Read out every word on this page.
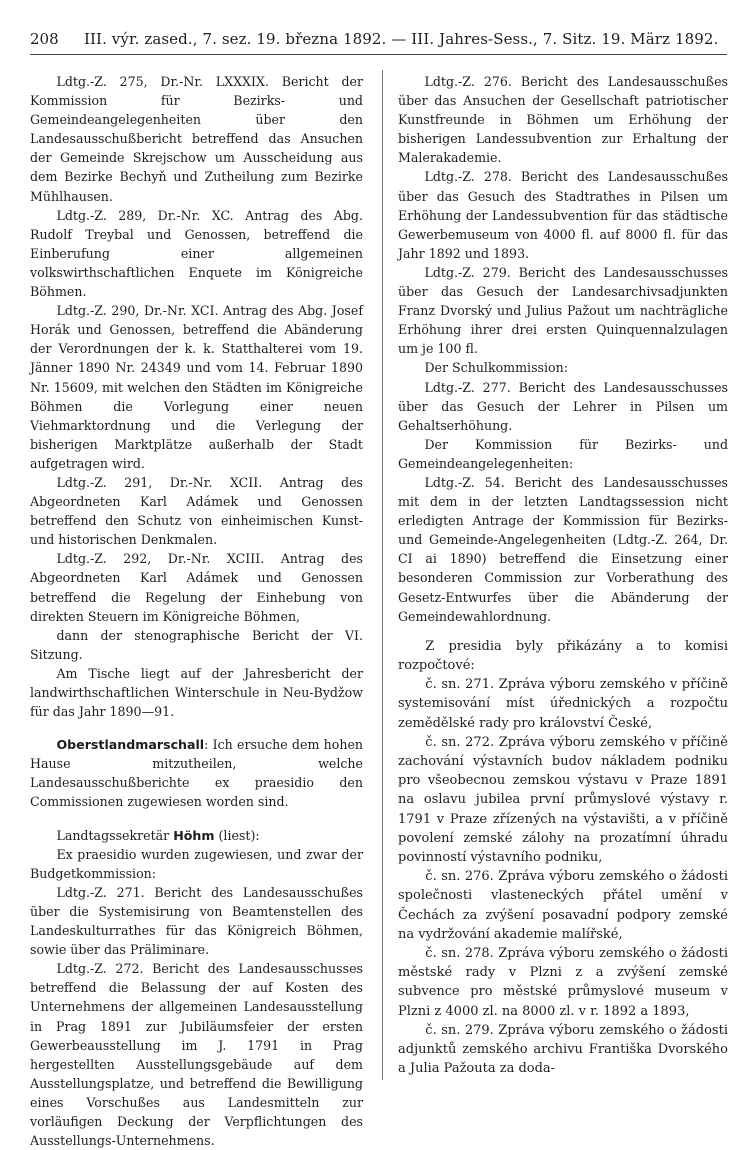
208 III. výr. zased., 7. sez. 19. března 1892. — III. Jahres-Sess., 7. Sitz. 19. März 1892.

Ldtg.-Z. 275, Dr.-Nr. LXXXIX. Bericht der Kommission für Bezirks- und Gemeindeangelegenheiten über den Landesausschußbericht betreffend das Ansuchen der Gemeinde Skrejschow um Ausscheidung aus dem Bezirke Bechyň und Zutheilung zum Bezirke Mühlhausen.

Ldtg.-Z. 289, Dr.-Nr. XC. Antrag des Abg. Rudolf Treybal und Genossen, betreffend die Einberufung einer allgemeinen volkswirthschaftlichen Enquete im Königreiche Böhmen.

Ldtg.-Z. 290, Dr.-Nr. XCI. Antrag des Abg. Josef Horák und Genossen, betreffend die Abänderung der Verordnungen der k. k. Statthalterei vom 19. Jänner 1890 Nr. 24349 und vom 14. Februar 1890 Nr. 15609, mit welchen den Städten im Königreiche Böhmen die Vorlegung einer neuen Viehmarktordnung und die Verlegung der bisherigen Marktplätze außerhalb der Stadt aufgetragen wird.

Ldtg.-Z. 291, Dr.-Nr. XCII. Antrag des Abgeordneten Karl Adámek und Genossen betreffend den Schutz von einheimischen Kunst- und historischen Denkmalen.

Ldtg.-Z. 292, Dr.-Nr. XCIII. Antrag des Abgeordneten Karl Adámek und Genossen betreffend die Regelung der Einhebung von direkten Steuern im Königreiche Böhmen,

dann der stenographische Bericht der VI. Sitzung.

Am Tische liegt auf der Jahresbericht der landwirthschaftlichen Winterschule in Neu-Bydžow für das Jahr 1890—91.

Oberstlandmarschall: Ich ersuche dem hohen Hause mitzutheilen, welche Landesausschußberichte ex praesidio den Commissionen zugewiesen worden sind.

Landtagssekretär Höhm (liest):

Ex praesidio wurden zugewiesen, und zwar der Budgetkommission:

Ldtg.-Z. 271. Bericht des Landesausschußes über die Systemisirung von Beamtenstellen des Landeskulturrathes für das Königreich Böhmen, sowie über das Präliminare.

Ldtg.-Z. 272. Bericht des Landesausschusses betreffend die Belassung der auf Kosten des Unternehmens der allgemeinen Landesausstellung in Prag 1891 zur Jubiläumsfeier der ersten Gewerbeausstellung im J. 1791 in Prag hergestellten Ausstellungsgebäude auf dem Ausstellungsplatze, und betreffend die Bewilligung eines Vorschußes aus Landesmitteln zur vorläufigen Deckung der Verpflichtungen des Ausstellungs-Unternehmens.

Ldtg.-Z. 276. Bericht des Landesausschußes über das Ansuchen der Gesellschaft patriotischer Kunstfreunde in Böhmen um Erhöhung der bisherigen Landessubvention zur Erhaltung der Malerakademie.

Ldtg.-Z. 278. Bericht des Landesausschußes über das Gesuch des Stadtrathes in Pilsen um Erhöhung der Landessubvention für das städtische Gewerbemuseum von 4000 fl. auf 8000 fl. für das Jahr 1892 und 1893.

Ldtg.-Z. 279. Bericht des Landesausschusses über das Gesuch der Landesarchivsadjunkten Franz Dvorský und Julius Pažout um nachträgliche Erhöhung ihrer drei ersten Quinquennalzulagen um je 100 fl.

Der Schulkommission:

Ldtg.-Z. 277. Bericht des Landesausschusses über das Gesuch der Lehrer in Pilsen um Gehaltserhöhung.

Der Kommission für Bezirks- und Gemeindeangelegenheiten:

Ldtg.-Z. 54. Bericht des Landesausschusses mit dem in der letzten Landtagssession nicht erledigten Antrage der Kommission für Bezirks- und Gemeinde-Angelegenheiten (Ldtg.-Z. 264, Dr. CI ai 1890) betreffend die Einsetzung einer besonderen Commission zur Vorberathung des Gesetz-Entwurfes über die Abänderung der Gemeindewahlordnung.

Z presidia byly přikázány a to komisi rozpočtové:

č. sn. 271. Zpráva výboru zemského v příčině systemisování míst úřednických a rozpočtu zemědělské rady pro království České,

č. sn. 272. Zpráva výboru zemského v příčině zachování výstavních budov nákladem podniku pro všeobecnou zemskou výstavu v Praze 1891 na oslavu jubilea první průmyslové výstavy r. 1791 v Praze zřízených na výstavišti, a v příčině povolení zemské zálohy na prozatímní úhradu povinností výstavního podniku,

č. sn. 276. Zpráva výboru zemského o žádosti společnosti vlasteneckých přátel umění v Čechách za zvýšení posavadní podpory zemské na vydržování akademie malířské,

č. sn. 278. Zpráva výboru zemského o žádosti městské rady v Plzni z a zvýšení zemské subvence pro městské průmyslové museum v Plzni z 4000 zl. na 8000 zl. v r. 1892 a 1893,

č. sn. 279. Zpráva výboru zemského o žádosti adjunktů zemského archivu Františka Dvorského a Julia Pažouta za doda-
